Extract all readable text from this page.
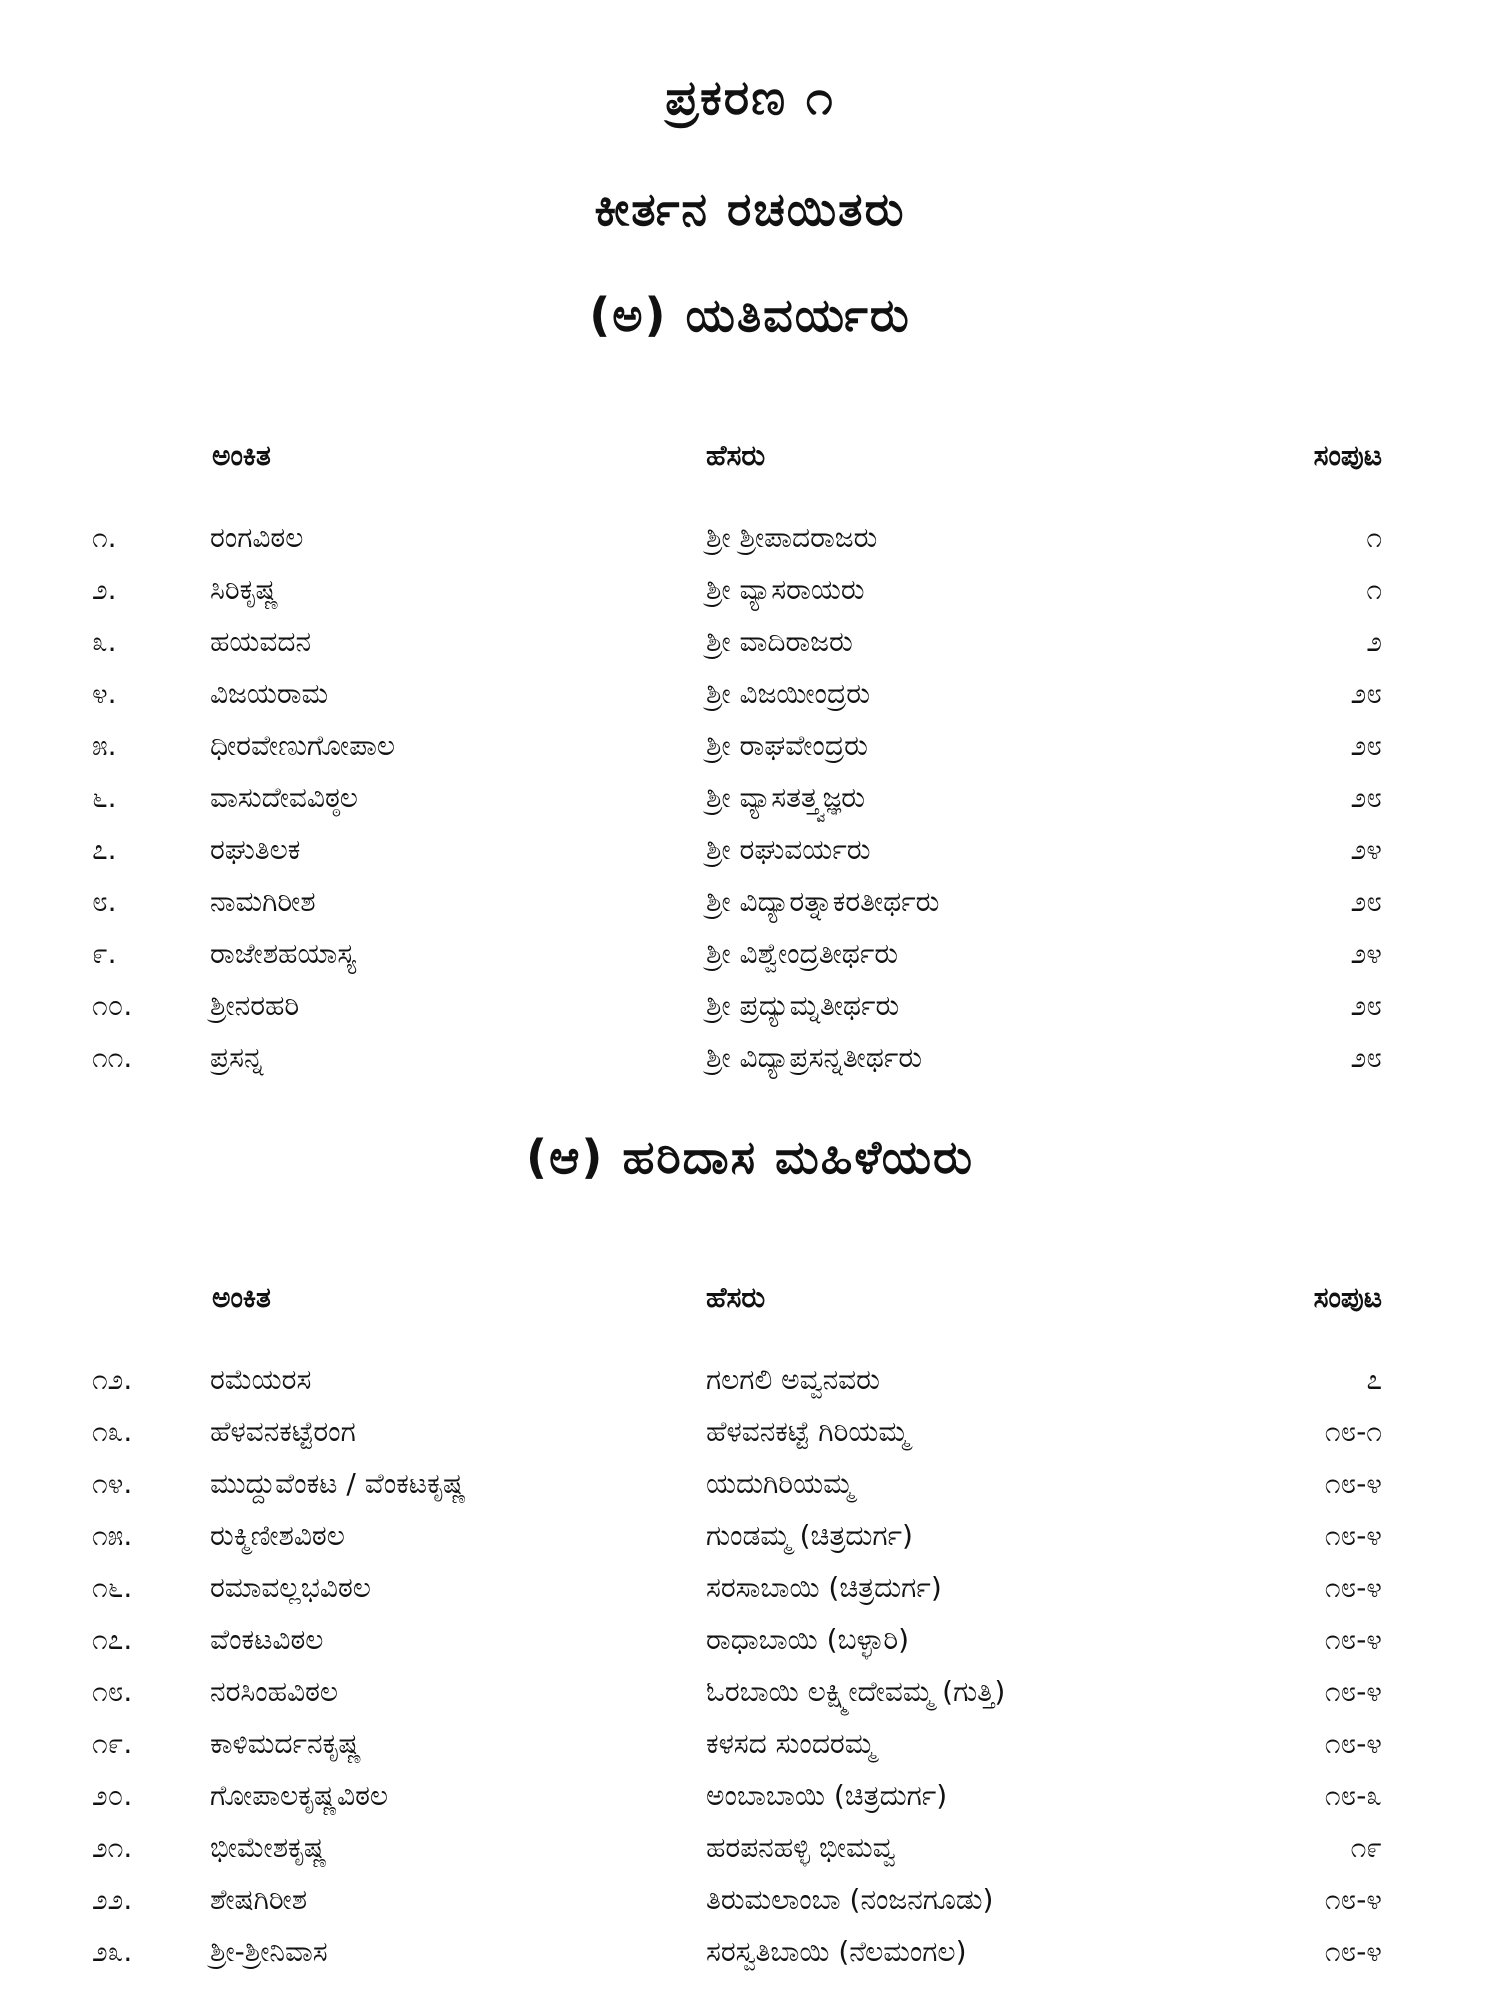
ಪ್ರಕರಣ ೧
ಕೀರ್ತನ ರಚಯಿತರು
(ಅ) ಯತಿವರ್ಯರು
ಅಂಕಿತ	ಹೆಸರು	ಸಂಪುಟ
೧.	ರಂಗವಿಠಲ	ಶ್ರೀ ಶ್ರೀಪಾದರಾಜರು	೧
೨.	ಸಿರಿಕೃಷ್ಣ	ಶ್ರೀ ವ್ಯಾಸರಾಯರು	೧
೩.	ಹಯವದನ	ಶ್ರೀ ವಾದಿರಾಜರು	೨
೪.	ವಿಜಯರಾಮ	ಶ್ರೀ ವಿಜಯೀಂದ್ರರು	೨೮
೫.	ಧೀರವೇಣುಗೋಪಾಲ	ಶ್ರೀ ರಾಘವೇಂದ್ರರು	೨೮
೬.	ವಾಸುದೇವವಿಠ್ಠಲ	ಶ್ರೀ ವ್ಯಾಸತತ್ತ್ವಜ್ಞರು	೨೮
೭.	ರಘುತಿಲಕ	ಶ್ರೀ ರಘುವರ್ಯರು	೨೪
೮.	ನಾಮಗಿರೀಶ	ಶ್ರೀ ವಿದ್ಯಾರತ್ನಾಕರತೀರ್ಥರು	೨೮
೯.	ರಾಜೇಶಹಯಾಸ್ಯ	ಶ್ರೀ ವಿಶ್ವೇಂದ್ರತೀರ್ಥರು	೨೪
೧೦.	ಶ್ರೀನರಹರಿ	ಶ್ರೀ ಪ್ರದ್ಯುಮ್ನತೀರ್ಥರು	೨೮
೧೧.	ಪ್ರಸನ್ನ	ಶ್ರೀ ವಿದ್ಯಾಪ್ರಸನ್ನತೀರ್ಥರು	೨೮
(ಆ) ಹರಿದಾಸ ಮಹಿಳೆಯರು
ಅಂಕಿತ	ಹೆಸರು	ಸಂಪುಟ
೧೨.	ರಮೆಯರಸ	ಗಲಗಲಿ ಅವ್ವನವರು	೭
೧೩.	ಹೆಳವನಕಟ್ಟೆರಂಗ	ಹೆಳವನಕಟ್ಟೆ ಗಿರಿಯಮ್ಮ	೧೮-೧
೧೪.	ಮುದ್ದುವೆಂಕಟ / ವೆಂಕಟಕೃಷ್ಣ	ಯದುಗಿರಿಯಮ್ಮ	೧೮-೪
೧೫.	ರುಕ್ಮಿಣೀಶವಿಠಲ	ಗುಂಡಮ್ಮ (ಚಿತ್ರದುರ್ಗ)	೧೮-೪
೧೬.	ರಮಾವಲ್ಲಭವಿಠಲ	ಸರಸಾಬಾಯಿ (ಚಿತ್ರದುರ್ಗ)	೧೮-೪
೧೭.	ವೆಂಕಟವಿಠಲ	ರಾಧಾಬಾಯಿ (ಬಳ್ಳಾರಿ)	೧೮-೪
೧೮.	ನರಸಿಂಹವಿಠಲ	ಓರಬಾಯಿ ಲಕ್ಷ್ಮೀದೇವಮ್ಮ (ಗುತ್ತಿ)	೧೮-೪
೧೯.	ಕಾಳಿಮರ್ದನಕೃಷ್ಣ	ಕಳಸದ ಸುಂದರಮ್ಮ	೧೮-೪
೨೦.	ಗೋಪಾಲಕೃಷ್ಣವಿಠಲ	ಅಂಬಾಬಾಯಿ (ಚಿತ್ರದುರ್ಗ)	೧೮-೩
೨೧.	ಭೀಮೇಶಕೃಷ್ಣ	ಹರಪನಹಳ್ಳಿ ಭೀಮವ್ವ	೧೯
೨೨.	ಶೇಷಗಿರೀಶ	ತಿರುಮಲಾಂಬಾ (ನಂಜನಗೂಡು)	೧೮-೪
೨೩.	ಶ್ರೀ-ಶ್ರೀನಿವಾಸ	ಸರಸ್ವತಿಬಾಯಿ (ನೆಲಮಂಗಲ)	೧೮-೪
